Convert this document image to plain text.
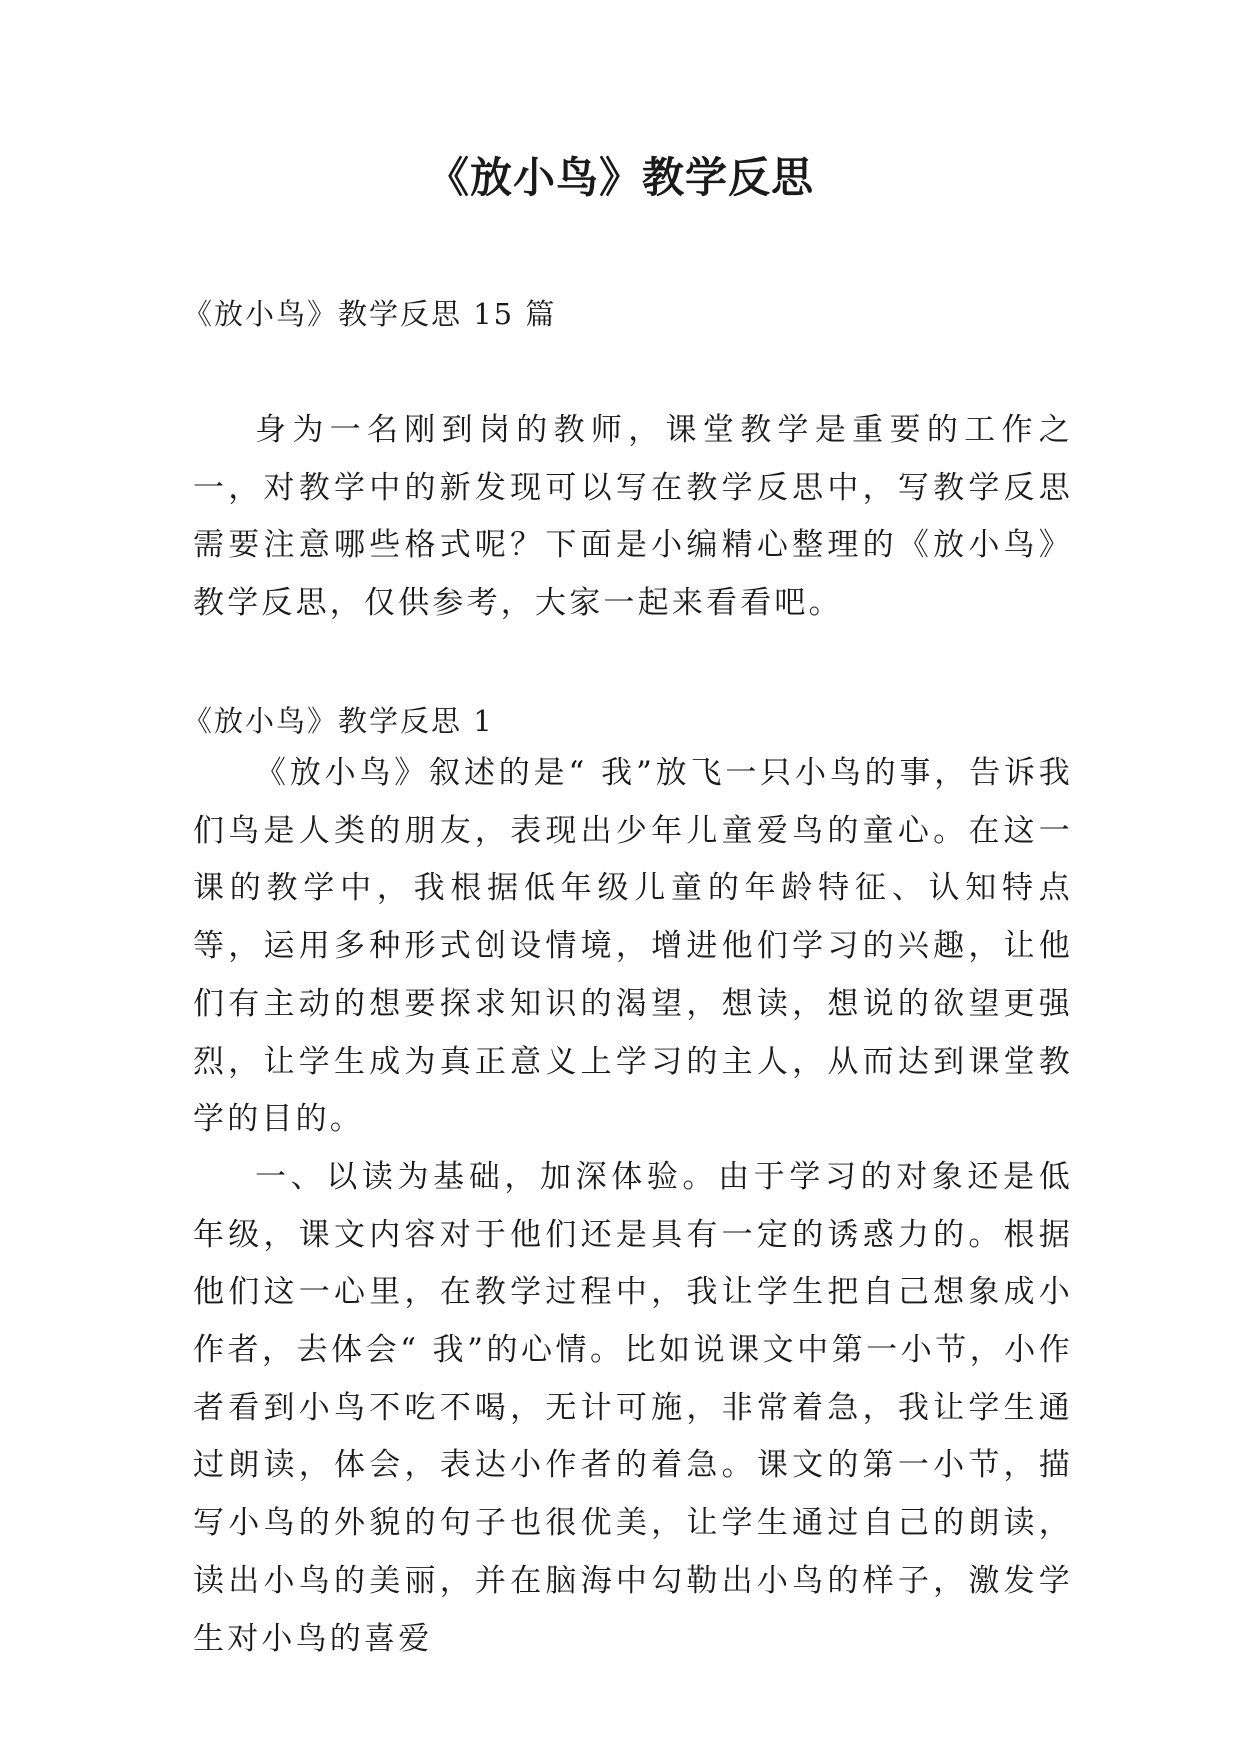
《放小鸟》教学反思

《放小鸟》教学反思 15 篇

身为一名刚到岗的教师，课堂教学是重要的工作之一，对教学中的新发现可以写在教学反思中，写教学反思需要注意哪些格式呢？下面是小编精心整理的《放小鸟》教学反思，仅供参考，大家一起来看看吧。

《放小鸟》教学反思 1

《放小鸟》叙述的是“ 我”放飞一只小鸟的事，告诉我们鸟是人类的朋友，表现出少年儿童爱鸟的童心。在这一课的教学中，我根据低年级儿童的年龄特征、认知特点等，运用多种形式创设情境，增进他们学习的兴趣，让他们有主动的想要探求知识的渴望，想读，想说的欲望更强烈，让学生成为真正意义上学习的主人，从而达到课堂教学的目的。

一、以读为基础，加深体验。由于学习的对象还是低年级，课文内容对于他们还是具有一定的诱惑力的。根据他们这一心里，在教学过程中，我让学生把自己想象成小作者，去体会“ 我”的心情。比如说课文中第一小节，小作者看到小鸟不吃不喝，无计可施，非常着急，我让学生通过朗读，体会，表达小作者的着急。课文的第一小节，描写小鸟的外貌的句子也很优美，让学生通过自己的朗读，读出小鸟的美丽，并在脑海中勾勒出小鸟的样子，激发学生对小鸟的喜爱
